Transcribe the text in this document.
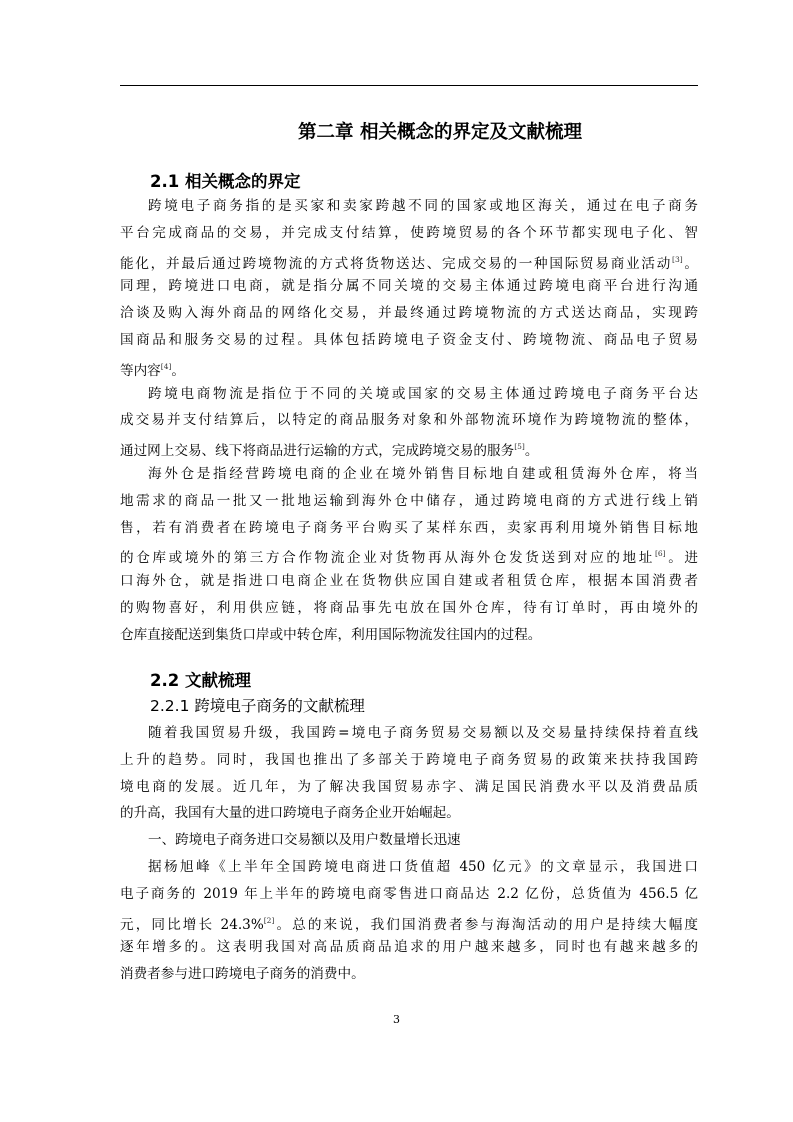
第二章 相关概念的界定及文献梳理
2.1 相关概念的界定
跨境电子商务指的是买家和卖家跨越不同的国家或地区海关，通过在电子商务
平台完成商品的交易，并完成支付结算，使跨境贸易的各个环节都实现电子化、智
能化，并最后通过跨境物流的方式将货物送达、完成交易的一种国际贸易商业活动[3]。
同理，跨境进口电商，就是指分属不同关境的交易主体通过跨境电商平台进行沟通
洽谈及购入海外商品的网络化交易，并最终通过跨境物流的方式送达商品，实现跨
国商品和服务交易的过程。具体包括跨境电子资金支付、跨境物流、商品电子贸易
等内容[4]。
跨境电商物流是指位于不同的关境或国家的交易主体通过跨境电子商务平台达
成交易并支付结算后，以特定的商品服务对象和外部物流环境作为跨境物流的整体，
通过网上交易、线下将商品进行运输的方式，完成跨境交易的服务[5]。
海外仓是指经营跨境电商的企业在境外销售目标地自建或租赁海外仓库，将当
地需求的商品一批又一批地运输到海外仓中储存，通过跨境电商的方式进行线上销
售，若有消费者在跨境电子商务平台购买了某样东西，卖家再利用境外销售目标地
的仓库或境外的第三方合作物流企业对货物再从海外仓发货送到对应的地址[6]。进
口海外仓，就是指进口电商企业在货物供应国自建或者租赁仓库，根据本国消费者
的购物喜好，利用供应链，将商品事先屯放在国外仓库，待有订单时，再由境外的
仓库直接配送到集货口岸或中转仓库，利用国际物流发往国内的过程。
2.2 文献梳理
2.2.1 跨境电子商务的文献梳理
随着我国贸易升级，我国跨=境电子商务贸易交易额以及交易量持续保持着直线
上升的趋势。同时，我国也推出了多部关于跨境电子商务贸易的政策来扶持我国跨
境电商的发展。近几年，为了解决我国贸易赤字、满足国民消费水平以及消费品质
的升高，我国有大量的进口跨境电子商务企业开始崛起。
一、跨境电子商务进口交易额以及用户数量增长迅速
据杨旭峰《上半年全国跨境电商进口货值超 450 亿元》的文章显示，我国进口
电子商务的 2019 年上半年的跨境电商零售进口商品达 2.2 亿份，总货值为 456.5 亿
元，同比增长 24.3%[2]。总的来说，我们国消费者参与海淘活动的用户是持续大幅度
逐年增多的。这表明我国对高品质商品追求的用户越来越多，同时也有越来越多的
消费者参与进口跨境电子商务的消费中。
3
